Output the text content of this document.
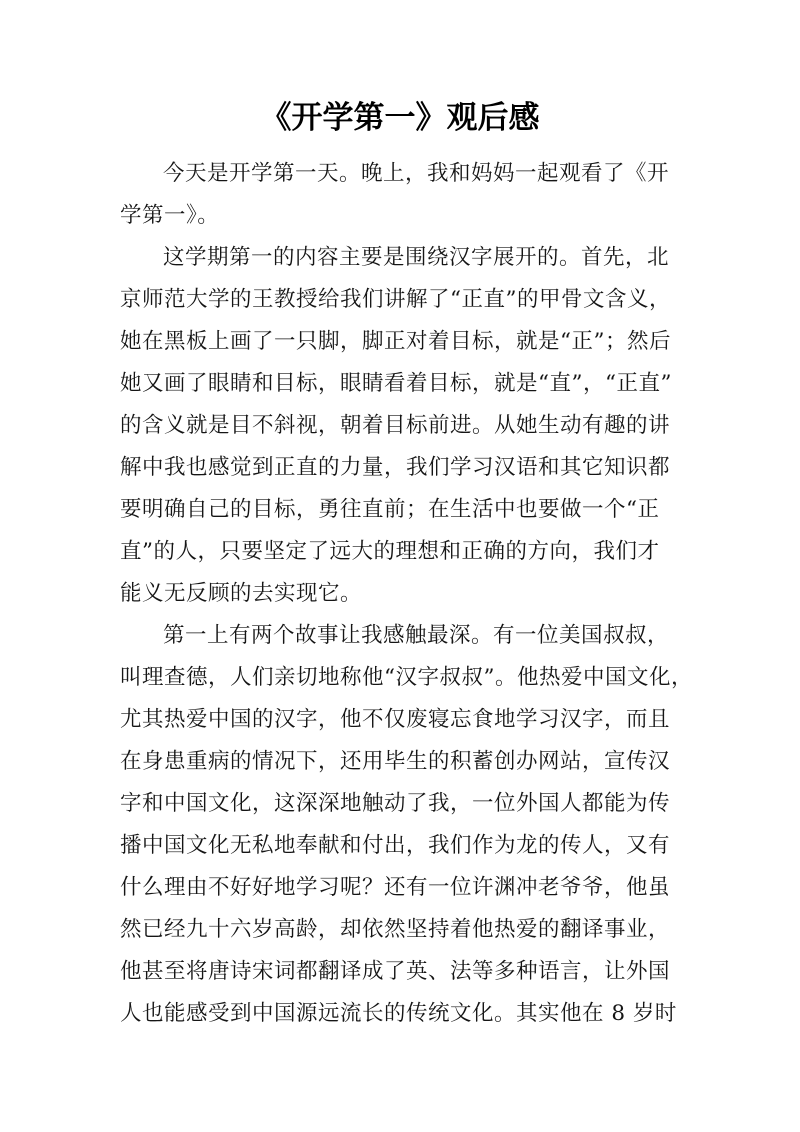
《开学第一》观后感
今天是开学第一天。晚上，我和妈妈一起观看了《开
学第一》。
这学期第一的内容主要是围绕汉字展开的。首先，北
京师范大学的王教授给我们讲解了“正直”的甲骨文含义，
她在黑板上画了一只脚，脚正对着目标，就是“正”；然后
她又画了眼睛和目标，眼睛看着目标，就是“直”，“正直”
的含义就是目不斜视，朝着目标前进。从她生动有趣的讲
解中我也感觉到正直的力量，我们学习汉语和其它知识都
要明确自己的目标，勇往直前；在生活中也要做一个“正
直”的人，只要坚定了远大的理想和正确的方向，我们才
能义无反顾的去实现它。
第一上有两个故事让我感触最深。有一位美国叔叔，
叫理查德，人们亲切地称他“汉字叔叔”。他热爱中国文化，
尤其热爱中国的汉字，他不仅废寝忘食地学习汉字，而且
在身患重病的情况下，还用毕生的积蓄创办网站，宣传汉
字和中国文化，这深深地触动了我，一位外国人都能为传
播中国文化无私地奉献和付出，我们作为龙的传人，又有
什么理由不好好地学习呢？还有一位许渊冲老爷爷，他虽
然已经九十六岁高龄，却依然坚持着他热爱的翻译事业，
他甚至将唐诗宋词都翻译成了英、法等多种语言，让外国
人也能感受到中国源远流长的传统文化。其实他在 8 岁时
